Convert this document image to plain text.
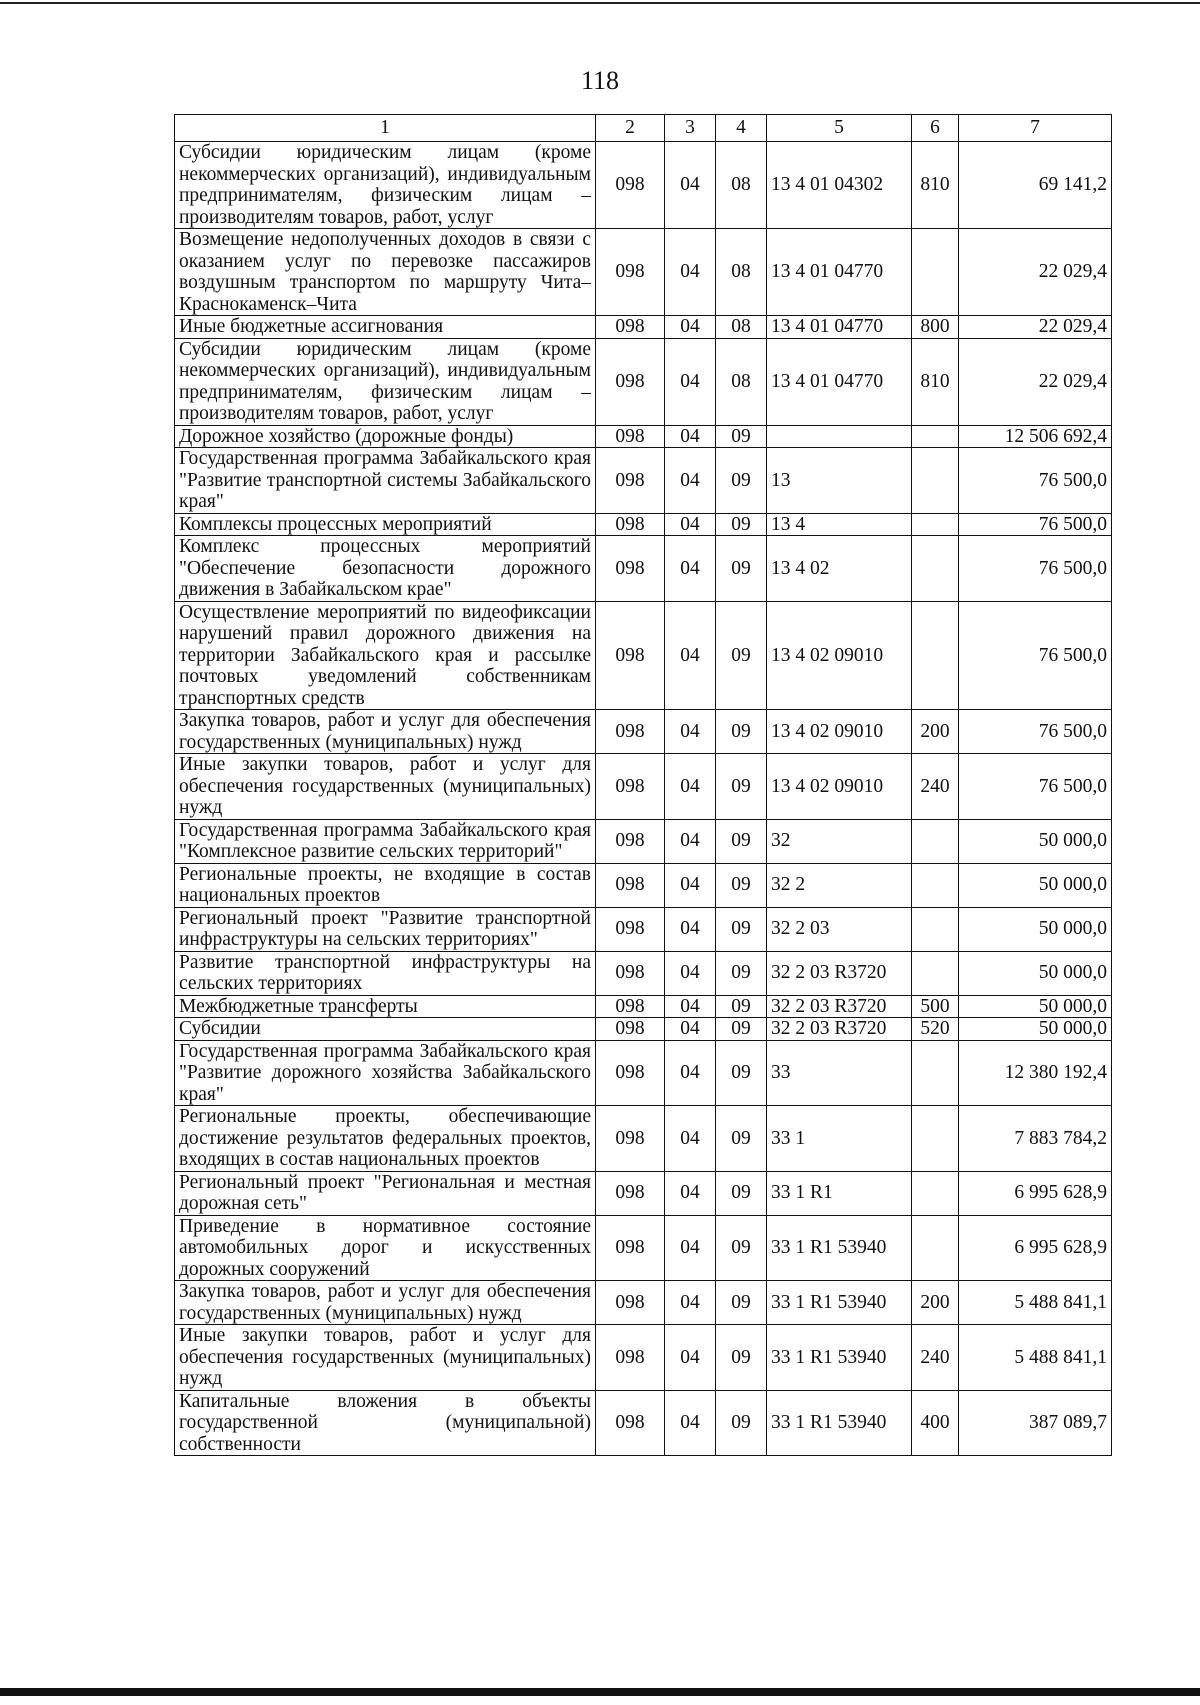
118
1	2	3	4	5	6	7
Субсидии юридическим лицам (кроме некоммерческих организаций), индивидуальным предпринимателям, физическим лицам – производителям товаров, работ, услуг	098	04	08	13 4 01 04302	810	69 141,2
Возмещение недополученных доходов в связи с оказанием услуг по перевозке пассажиров воздушным транспортом по маршруту Чита–Краснокаменск–Чита	098	04	08	13 4 01 04770		22 029,4
Иные бюджетные ассигнования	098	04	08	13 4 01 04770	800	22 029,4
Субсидии юридическим лицам (кроме некоммерческих организаций), индивидуальным предпринимателям, физическим лицам – производителям товаров, работ, услуг	098	04	08	13 4 01 04770	810	22 029,4
Дорожное хозяйство (дорожные фонды)	098	04	09			12 506 692,4
Государственная программа Забайкальского края "Развитие транспортной системы Забайкальского края"	098	04	09	13		76 500,0
Комплексы процессных мероприятий	098	04	09	13 4		76 500,0
Комплекс процессных мероприятий "Обеспечение безопасности дорожного движения в Забайкальском крае"	098	04	09	13 4 02		76 500,0
Осуществление мероприятий по видеофиксации нарушений правил дорожного движения на территории Забайкальского края и рассылке почтовых уведомлений собственникам транспортных средств	098	04	09	13 4 02 09010		76 500,0
Закупка товаров, работ и услуг для обеспечения государственных (муниципальных) нужд	098	04	09	13 4 02 09010	200	76 500,0
Иные закупки товаров, работ и услуг для обеспечения государственных (муниципальных) нужд	098	04	09	13 4 02 09010	240	76 500,0
Государственная программа Забайкальского края "Комплексное развитие сельских территорий"	098	04	09	32		50 000,0
Региональные проекты, не входящие в состав национальных проектов	098	04	09	32 2		50 000,0
Региональный проект "Развитие транспортной инфраструктуры на сельских территориях"	098	04	09	32 2 03		50 000,0
Развитие транспортной инфраструктуры на сельских территориях	098	04	09	32 2 03 R3720		50 000,0
Межбюджетные трансферты	098	04	09	32 2 03 R3720	500	50 000,0
Субсидии	098	04	09	32 2 03 R3720	520	50 000,0
Государственная программа Забайкальского края "Развитие дорожного хозяйства Забайкальского края"	098	04	09	33		12 380 192,4
Региональные проекты, обеспечивающие достижение результатов федеральных проектов, входящих в состав национальных проектов	098	04	09	33 1		7 883 784,2
Региональный проект "Региональная и местная дорожная сеть"	098	04	09	33 1 R1		6 995 628,9
Приведение в нормативное состояние автомобильных дорог и искусственных дорожных сооружений	098	04	09	33 1 R1 53940		6 995 628,9
Закупка товаров, работ и услуг для обеспечения государственных (муниципальных) нужд	098	04	09	33 1 R1 53940	200	5 488 841,1
Иные закупки товаров, работ и услуг для обеспечения государственных (муниципальных) нужд	098	04	09	33 1 R1 53940	240	5 488 841,1
Капитальные вложения в объекты государственной (муниципальной) собственности	098	04	09	33 1 R1 53940	400	387 089,7
